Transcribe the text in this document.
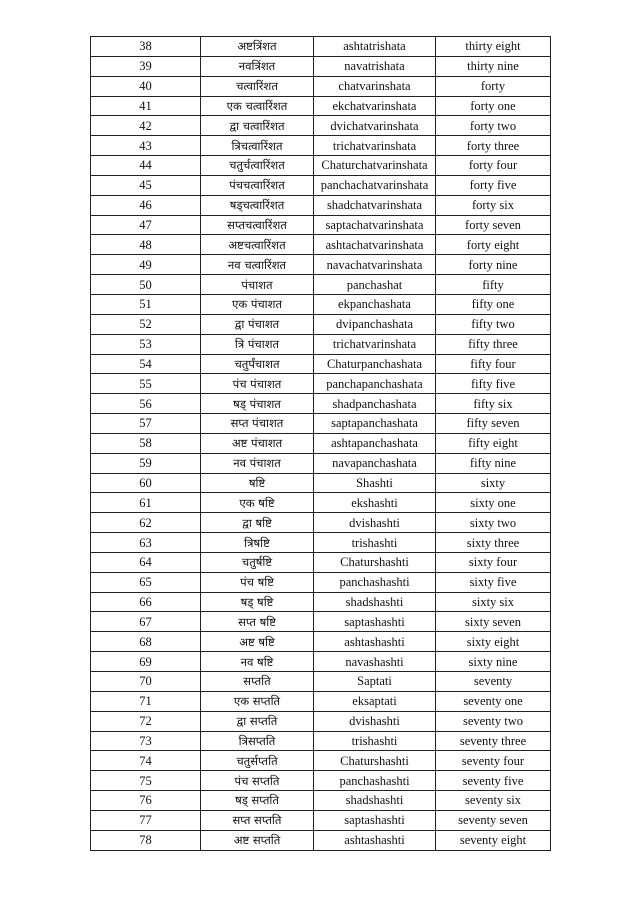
38	अष्टत्रिंशत	ashtatrishata	thirty eight
39	नवत्रिंशत	navatrishata	thirty nine
40	चत्वारिंशत	chatvarinshata	forty
41	एक चत्वारिंशत	ekchatvarinshata	forty one
42	द्वा चत्वारिंशत	dvichatvarinshata	forty two
43	त्रिचत्वारिंशत	trichatvarinshata	forty three
44	चतुर्चत्वारिंशत	Chaturchatvarinshata	forty four
45	पंचचत्वारिंशत	panchachatvarinshata	forty five
46	षड्चत्वारिंशत	shadchatvarinshata	forty six
47	सप्तचत्वारिंशत	saptachatvarinshata	forty seven
48	अष्टचत्वारिंशत	ashtachatvarinshata	forty eight
49	नव चत्वारिंशत	navachatvarinshata	forty nine
50	पंचाशत	panchashat	fifty
51	एक पंचाशत	ekpanchashata	fifty one
52	द्वा पंचाशत	dvipanchashata	fifty two
53	त्रि पंचाशत	trichatvarinshata	fifty three
54	चतुर्पंचाशत	Chaturpanchashata	fifty four
55	पंच पंचाशत	panchapanchashata	fifty five
56	षड् पंचाशत	shadpanchashata	fifty six
57	सप्त पंचाशत	saptapanchashata	fifty seven
58	अष्ट पंचाशत	ashtapanchashata	fifty eight
59	नव पंचाशत	navapanchashata	fifty nine
60	षष्टि	Shashti	sixty
61	एक षष्टि	ekshashti	sixty one
62	द्वा षष्टि	dvishashti	sixty two
63	त्रिषष्टि	trishashti	sixty three
64	चतुर्षष्टि	Chaturshashti	sixty four
65	पंच षष्टि	panchashashti	sixty five
66	षड् षष्टि	shadshashti	sixty six
67	सप्त षष्टि	saptashashti	sixty seven
68	अष्ट षष्टि	ashtashashti	sixty eight
69	नव षष्टि	navashashti	sixty nine
70	सप्तति	Saptati	seventy
71	एक सप्तति	eksaptati	seventy one
72	द्वा सप्तति	dvishashti	seventy two
73	त्रिसप्तति	trishashti	seventy three
74	चतुर्सप्तति	Chaturshashti	seventy four
75	पंच सप्तति	panchashashti	seventy five
76	षड् सप्तति	shadshashti	seventy six
77	सप्त सप्तति	saptashashti	seventy seven
78	अष्ट सप्तति	ashtashashti	seventy eight
